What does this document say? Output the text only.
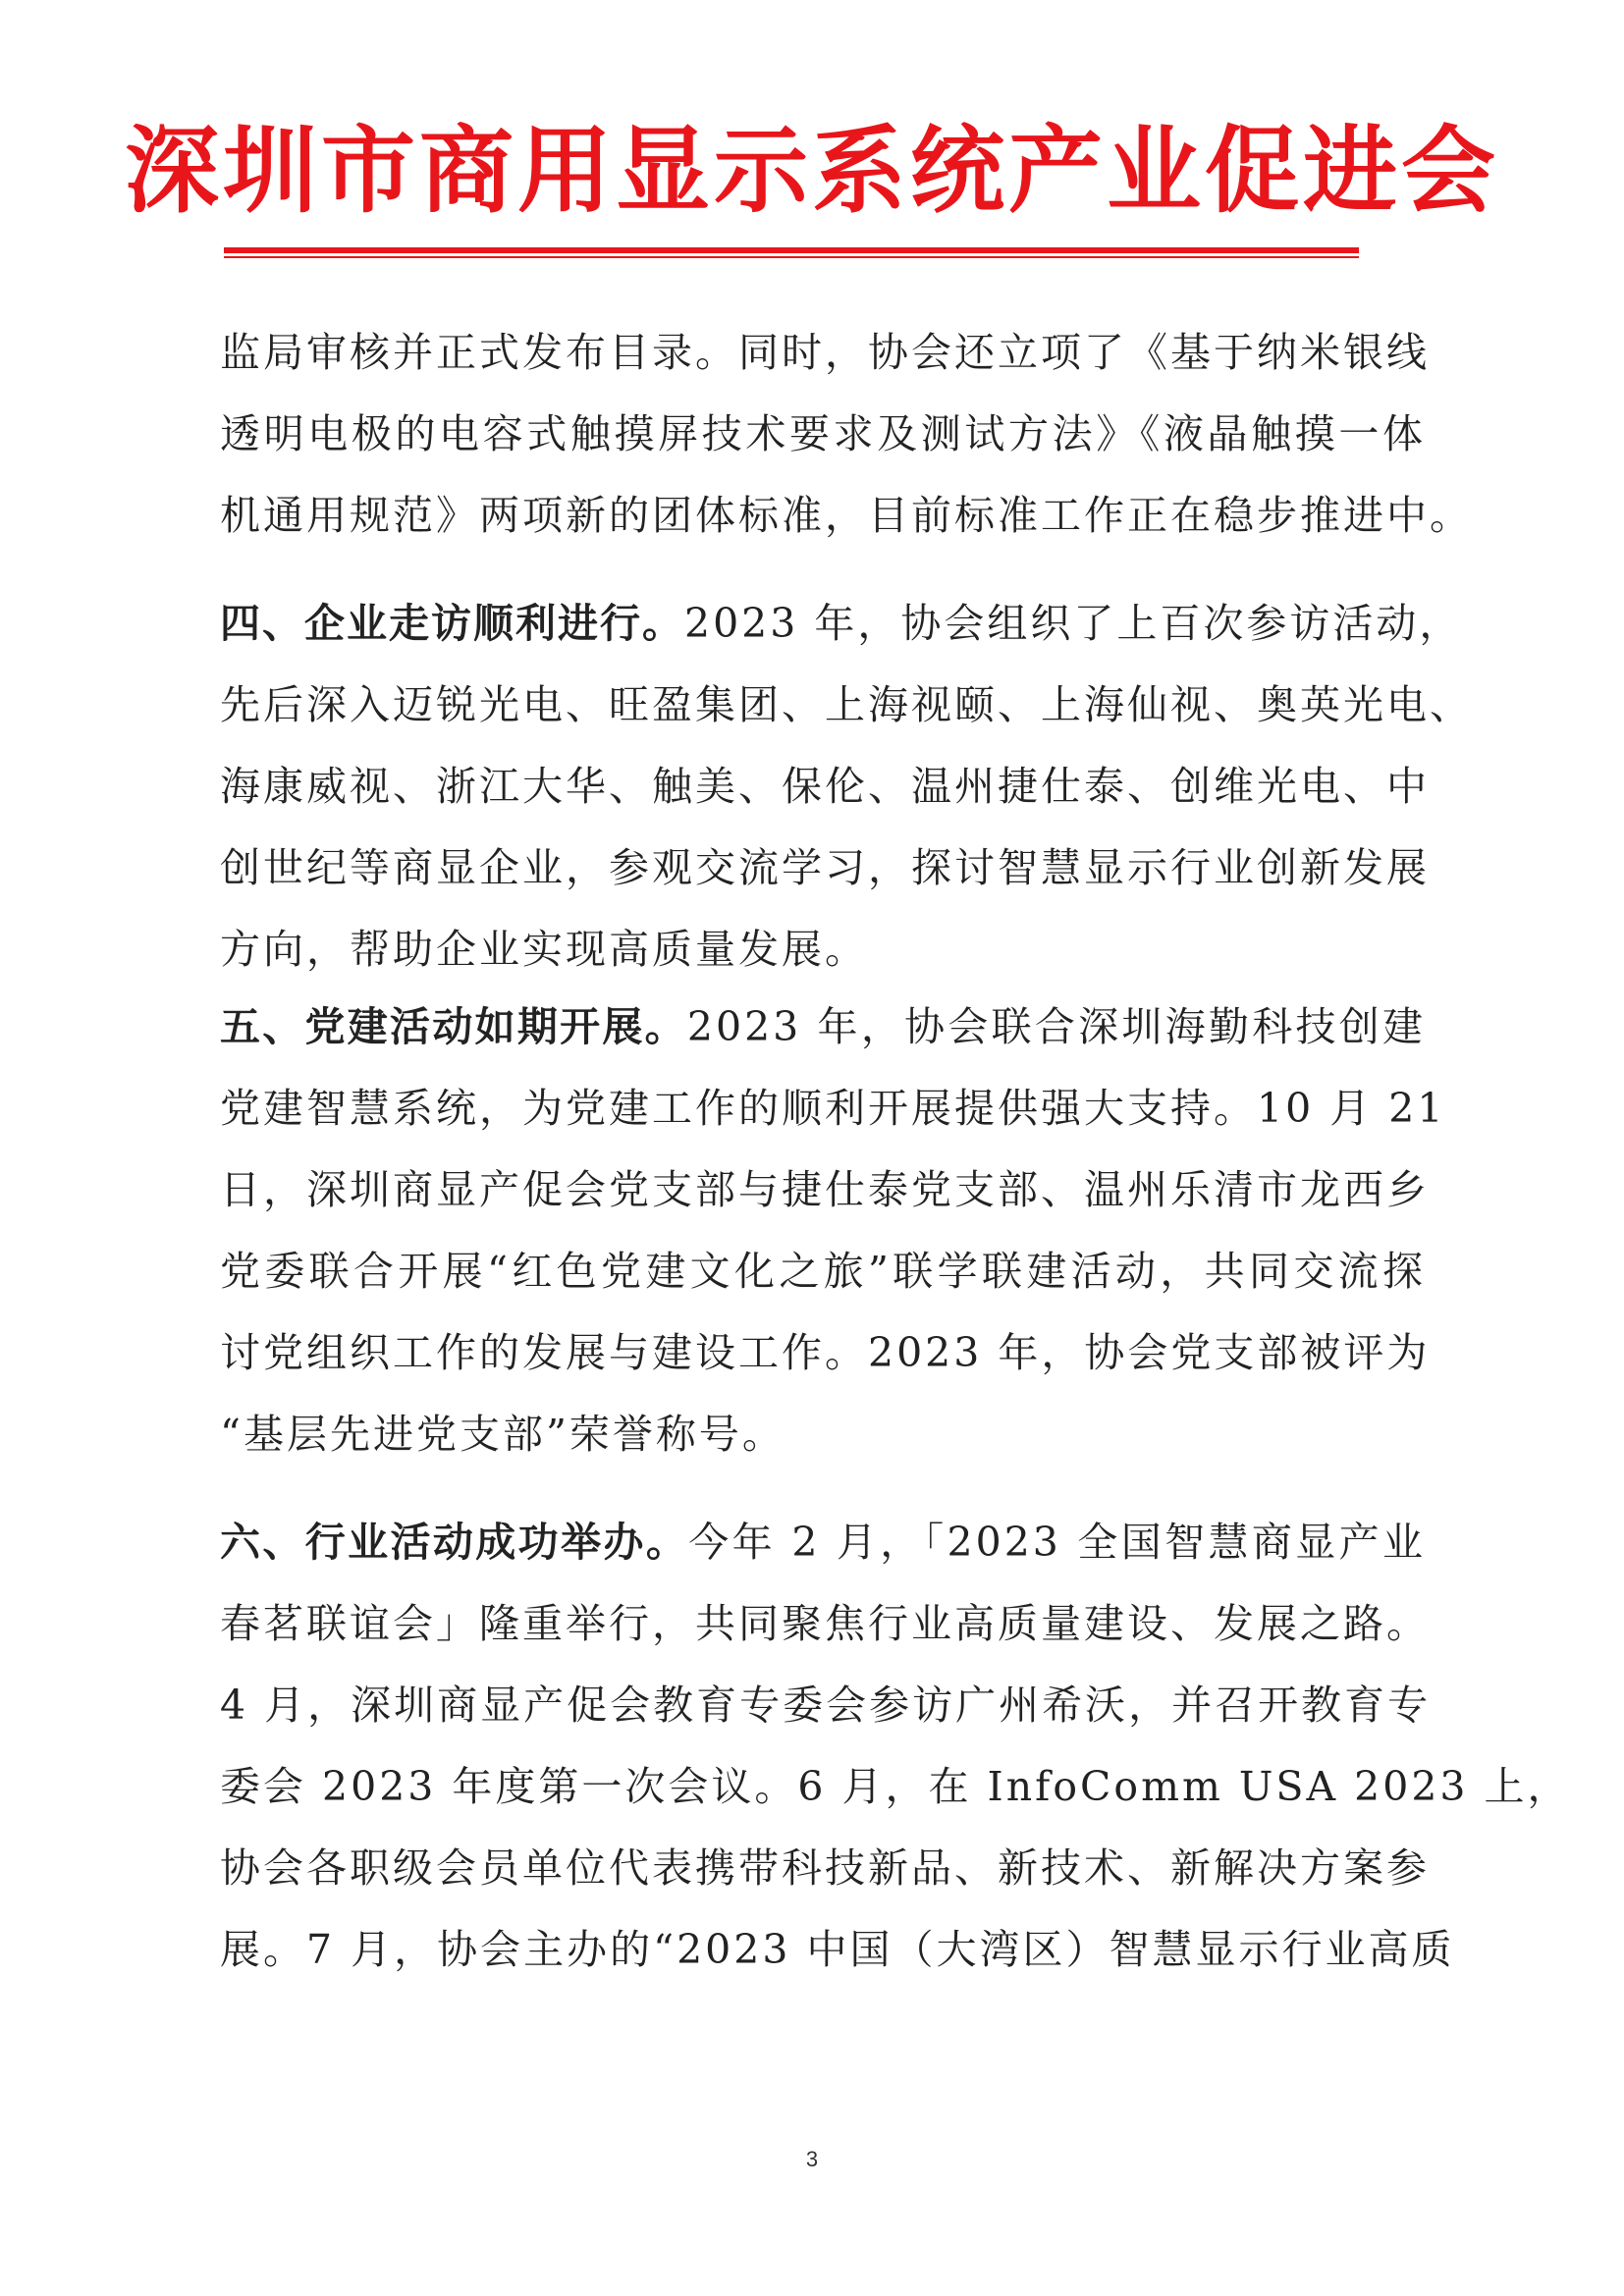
深圳市商用显示系统产业促进会
监局审核并正式发布目录。同时，协会还立项了《基于纳米银线
透明电极的电容式触摸屏技术要求及测试方法》《液晶触摸一体
机通用规范》两项新的团体标准，目前标准工作正在稳步推进中。
四、企业走访顺利进行。2023 年，协会组织了上百次参访活动，
先后深入迈锐光电、旺盈集团、上海视颐、上海仙视、奥英光电、
海康威视、浙江大华、触美、保伦、温州捷仕泰、创维光电、中
创世纪等商显企业，参观交流学习，探讨智慧显示行业创新发展
方向，帮助企业实现高质量发展。
五、党建活动如期开展。2023 年，协会联合深圳海勤科技创建
党建智慧系统，为党建工作的顺利开展提供强大支持。10 月 21
日，深圳商显产促会党支部与捷仕泰党支部、温州乐清市龙西乡
党委联合开展“红色党建文化之旅”联学联建活动，共同交流探
讨党组织工作的发展与建设工作。2023 年，协会党支部被评为
“基层先进党支部”荣誉称号。
六、行业活动成功举办。今年 2 月，「2023 全国智慧商显产业
春茗联谊会」隆重举行，共同聚焦行业高质量建设、发展之路。
4 月，深圳商显产促会教育专委会参访广州希沃，并召开教育专
委会 2023 年度第一次会议。6 月，在 InfoComm USA 2023 上，
协会各职级会员单位代表携带科技新品、新技术、新解决方案参
展。7 月，协会主办的“2023 中国（大湾区）智慧显示行业高质
3
